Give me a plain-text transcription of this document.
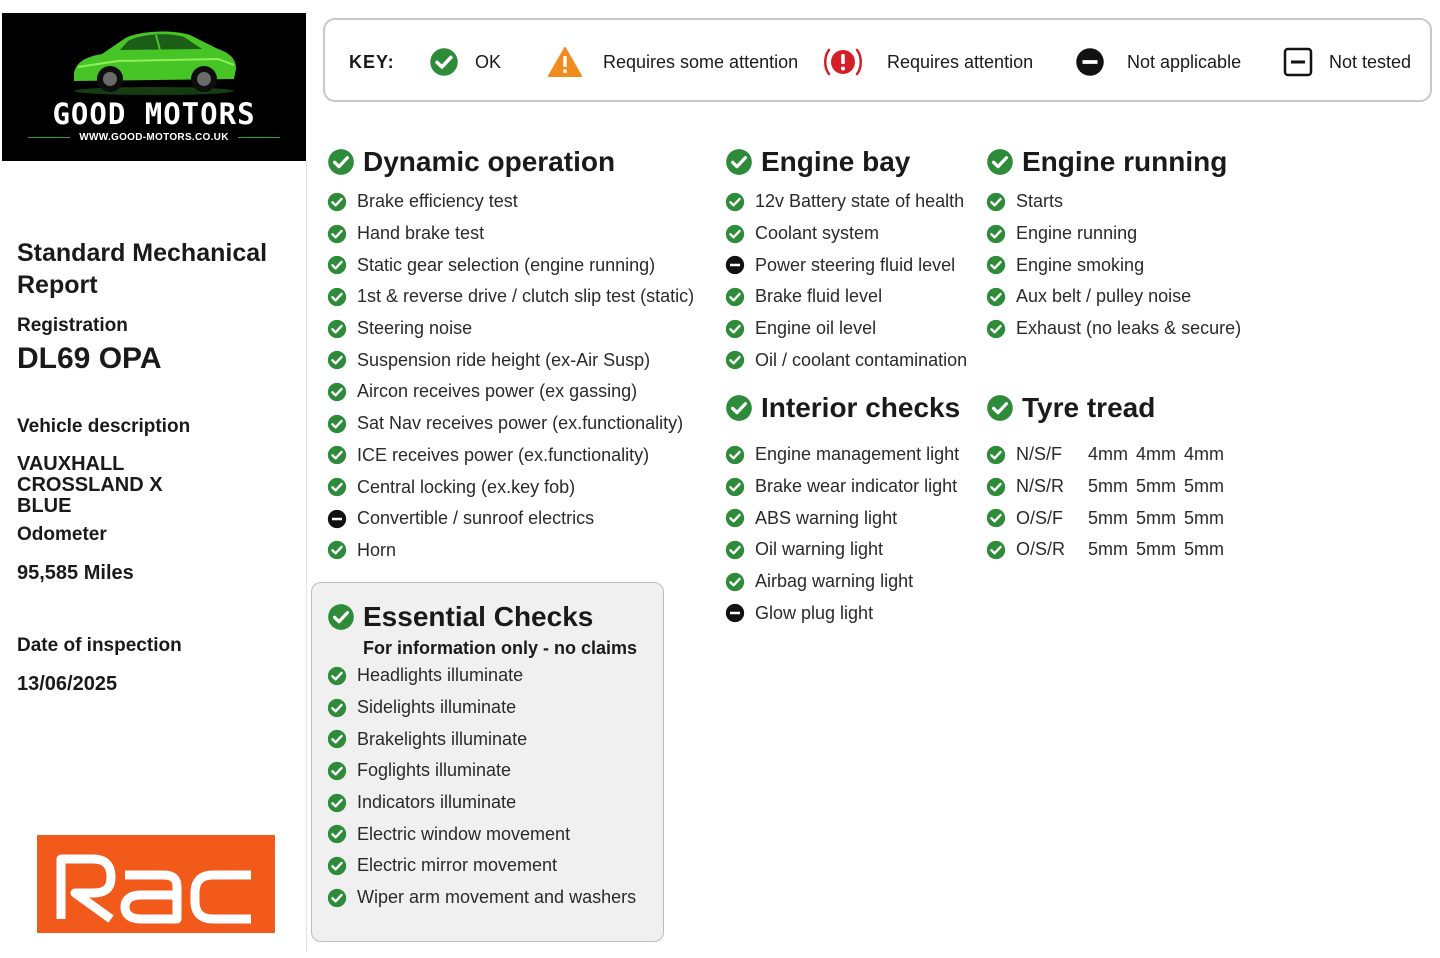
GOOD MOTORS
WWW.GOOD-MOTORS.CO.UK
Standard Mechanical Report
Registration
DL69 OPA
Vehicle description
VAUXHALL
CROSSLAND X
BLUE
Odometer
95,585 Miles
Date of inspection
13/06/2025
KEY:	OK	Requires some attention	Requires attention	Not applicable	Not tested
Dynamic operation
Brake efficiency test
Hand brake test
Static gear selection (engine running)
1st & reverse drive / clutch slip test (static)
Steering noise
Suspension ride height (ex-Air Susp)
Aircon receives power (ex gassing)
Sat Nav receives power (ex.functionality)
ICE receives power (ex.functionality)
Central locking (ex.key fob)
Convertible / sunroof electrics
Horn
Essential Checks
For information only - no claims
Headlights illuminate
Sidelights illuminate
Brakelights illuminate
Foglights illuminate
Indicators illuminate
Electric window movement
Electric mirror movement
Wiper arm movement and washers
Engine bay
12v Battery state of health
Coolant system
Power steering fluid level
Brake fluid level
Engine oil level
Oil / coolant contamination
Interior checks
Engine management light
Brake wear indicator light
ABS warning light
Oil warning light
Airbag warning light
Glow plug light
Engine running
Starts
Engine running
Engine smoking
Aux belt / pulley noise
Exhaust (no leaks & secure)
Tyre tread
N/S/F 4mm 4mm 4mm
N/S/R 5mm 5mm 5mm
O/S/F 5mm 5mm 5mm
O/S/R 5mm 5mm 5mm
